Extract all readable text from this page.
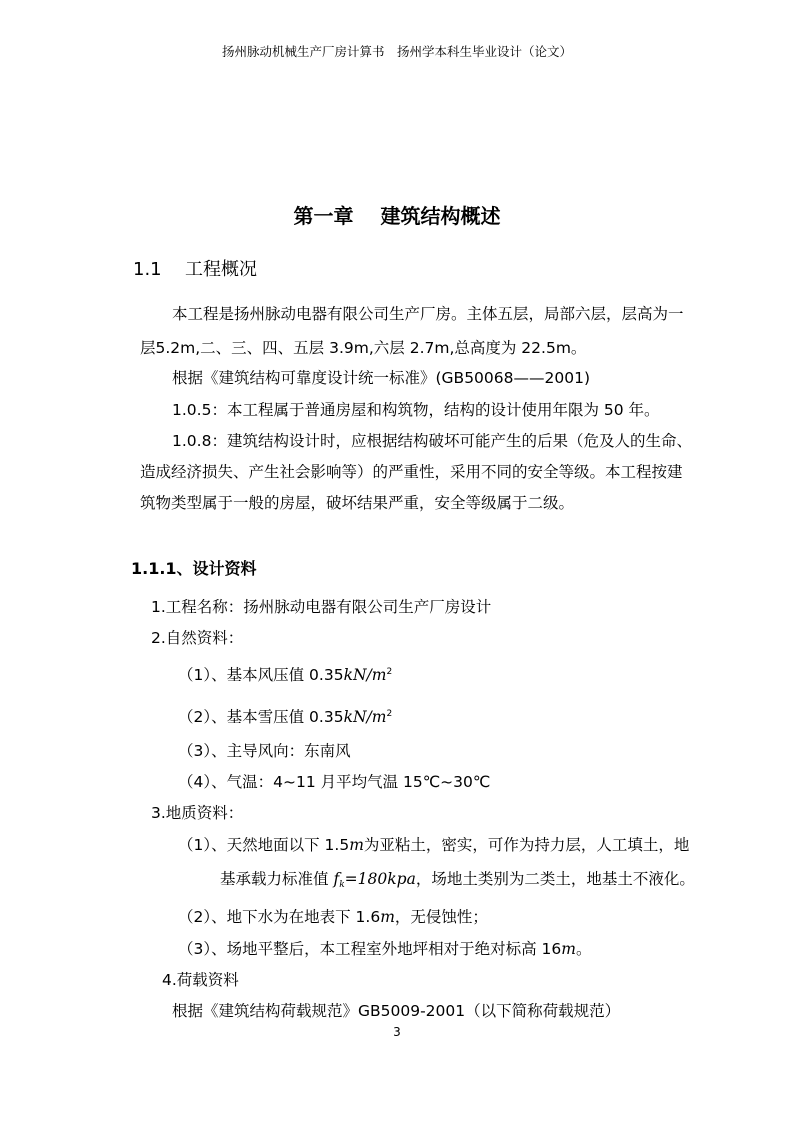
扬州脉动机械生产厂房计算书　扬州学本科生毕业设计（论文）
第一章　 建筑结构概述
1.1 工程概况
本工程是扬州脉动电器有限公司生产厂房。主体五层，局部六层，层高为一
层5.2m,二、三、四、五层 3.9m,六层 2.7m,总高度为 22.5m。
根据《建筑结构可靠度设计统一标准》(GB50068——2001)
1.0.5：本工程属于普通房屋和构筑物，结构的设计使用年限为 50 年。
1.0.8：建筑结构设计时，应根据结构破坏可能产生的后果（危及人的生命、
造成经济损失、产生社会影响等）的严重性，采用不同的安全等级。本工程按建
筑物类型属于一般的房屋，破坏结果严重，安全等级属于二级。
1.1.1、设计资料
1.工程名称：扬州脉动电器有限公司生产厂房设计
2.自然资料：
（1）、基本风压值 $0.35kN/m^2$
（2）、基本雪压值 $0.35kN/m^2$
（3）、主导风向：东南风
（4）、气温：4~11 月平均气温 15℃~30℃
3.地质资料：
（1）、天然地面以下 1.5m为亚粘土，密实，可作为持力层，人工填土，地
基承载力标准值 $f_k=180kpa$，场地土类别为二类土，地基土不液化。
（2）、地下水为在地表下 1.6m，无侵蚀性；
（3）、场地平整后，本工程室外地坪相对于绝对标高 16m。
4.荷载资料
根据《建筑结构荷载规范》GB5009-2001（以下简称荷载规范）
3
